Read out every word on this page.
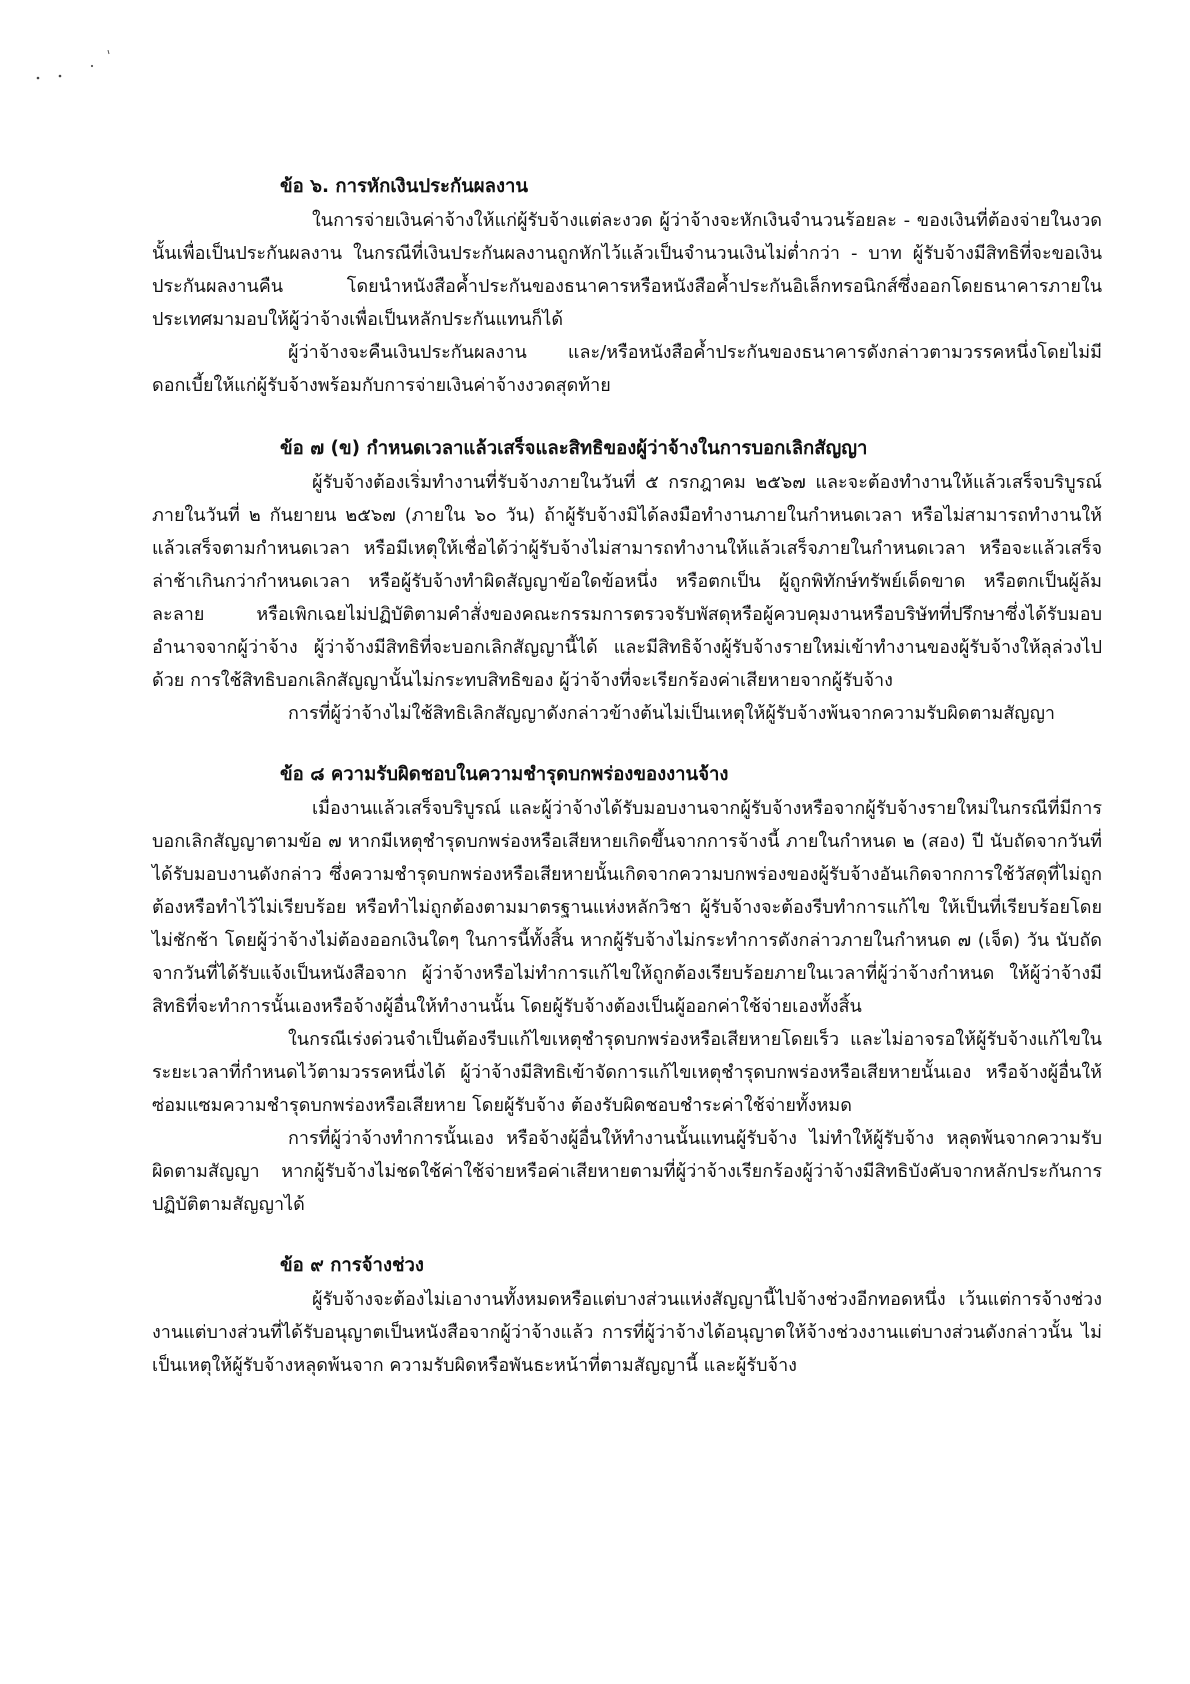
ข้อ ๖. การหักเงินประกันผลงาน

ในการจ่ายเงินค่าจ้างให้แก่ผู้รับจ้างแต่ละงวด ผู้ว่าจ้างจะหักเงินจำนวนร้อยละ - ของเงินที่ต้องจ่ายในงวดนั้นเพื่อเป็นประกันผลงาน ในกรณีที่เงินประกันผลงานถูกหักไว้แล้วเป็นจำนวนเงินไม่ต่ำกว่า - บาท ผู้รับจ้างมีสิทธิที่จะขอเงินประกันผลงานคืน โดยนำหนังสือค้ำประกันของธนาคารหรือหนังสือค้ำประกันอิเล็กทรอนิกส์ซึ่งออกโดยธนาคารภายในประเทศมามอบให้ผู้ว่าจ้างเพื่อเป็นหลักประกันแทนก็ได้

ผู้ว่าจ้างจะคืนเงินประกันผลงาน และ/หรือหนังสือค้ำประกันของธนาคารดังกล่าวตามวรรคหนึ่งโดยไม่มีดอกเบี้ยให้แก่ผู้รับจ้างพร้อมกับการจ่ายเงินค่าจ้างงวดสุดท้าย

ข้อ ๗ (ข) กำหนดเวลาแล้วเสร็จและสิทธิของผู้ว่าจ้างในการบอกเลิกสัญญา

ผู้รับจ้างต้องเริ่มทำงานที่รับจ้างภายในวันที่ ๕ กรกฎาคม ๒๕๖๗ และจะต้องทำงานให้แล้วเสร็จบริบูรณ์ภายในวันที่ ๒ กันยายน ๒๕๖๗ (ภายใน ๖๐ วัน) ถ้าผู้รับจ้างมิได้ลงมือทำงานภายในกำหนดเวลา หรือไม่สามารถทำงานให้แล้วเสร็จตามกำหนดเวลา หรือมีเหตุให้เชื่อได้ว่าผู้รับจ้างไม่สามารถทำงานให้แล้วเสร็จภายในกำหนดเวลา หรือจะแล้วเสร็จล่าช้าเกินกว่ากำหนดเวลา หรือผู้รับจ้างทำผิดสัญญาข้อใดข้อหนึ่ง หรือตกเป็น ผู้ถูกพิทักษ์ทรัพย์เด็ดขาด หรือตกเป็นผู้ล้มละลาย หรือเพิกเฉยไม่ปฏิบัติตามคำสั่งของคณะกรรมการตรวจรับพัสดุหรือผู้ควบคุมงานหรือบริษัทที่ปรึกษาซึ่งได้รับมอบอำนาจจากผู้ว่าจ้าง ผู้ว่าจ้างมีสิทธิที่จะบอกเลิกสัญญานี้ได้ และมีสิทธิจ้างผู้รับจ้างรายใหม่เข้าทำงานของผู้รับจ้างให้ลุล่วงไปด้วย การใช้สิทธิบอกเลิกสัญญานั้นไม่กระทบสิทธิของ ผู้ว่าจ้างที่จะเรียกร้องค่าเสียหายจากผู้รับจ้าง

การที่ผู้ว่าจ้างไม่ใช้สิทธิเลิกสัญญาดังกล่าวข้างต้นไม่เป็นเหตุให้ผู้รับจ้างพ้นจากความรับผิดตามสัญญา

ข้อ ๘ ความรับผิดชอบในความชำรุดบกพร่องของงานจ้าง

เมื่องานแล้วเสร็จบริบูรณ์ และผู้ว่าจ้างได้รับมอบงานจากผู้รับจ้างหรือจากผู้รับจ้างรายใหม่ในกรณีที่มีการบอกเลิกสัญญาตามข้อ ๗ หากมีเหตุชำรุดบกพร่องหรือเสียหายเกิดขึ้นจากการจ้างนี้ ภายในกำหนด ๒ (สอง) ปี นับถัดจากวันที่ได้รับมอบงานดังกล่าว ซึ่งความชำรุดบกพร่องหรือเสียหายนั้นเกิดจากความบกพร่องของผู้รับจ้างอันเกิดจากการใช้วัสดุที่ไม่ถูกต้องหรือทำไว้ไม่เรียบร้อย หรือทำไม่ถูกต้องตามมาตรฐานแห่งหลักวิชา ผู้รับจ้างจะต้องรีบทำการแก้ไข ให้เป็นที่เรียบร้อยโดยไม่ชักช้า โดยผู้ว่าจ้างไม่ต้องออกเงินใดๆ ในการนี้ทั้งสิ้น หากผู้รับจ้างไม่กระทำการดังกล่าวภายในกำหนด ๗ (เจ็ด) วัน นับถัดจากวันที่ได้รับแจ้งเป็นหนังสือจาก ผู้ว่าจ้างหรือไม่ทำการแก้ไขให้ถูกต้องเรียบร้อยภายในเวลาที่ผู้ว่าจ้างกำหนด ให้ผู้ว่าจ้างมีสิทธิที่จะทำการนั้นเองหรือจ้างผู้อื่นให้ทำงานนั้น โดยผู้รับจ้างต้องเป็นผู้ออกค่าใช้จ่ายเองทั้งสิ้น

ในกรณีเร่งด่วนจำเป็นต้องรีบแก้ไขเหตุชำรุดบกพร่องหรือเสียหายโดยเร็ว และไม่อาจรอให้ผู้รับจ้างแก้ไขในระยะเวลาที่กำหนดไว้ตามวรรคหนึ่งได้ ผู้ว่าจ้างมีสิทธิเข้าจัดการแก้ไขเหตุชำรุดบกพร่องหรือเสียหายนั้นเอง หรือจ้างผู้อื่นให้ซ่อมแซมความชำรุดบกพร่องหรือเสียหาย โดยผู้รับจ้าง ต้องรับผิดชอบชำระค่าใช้จ่ายทั้งหมด

การที่ผู้ว่าจ้างทำการนั้นเอง หรือจ้างผู้อื่นให้ทำงานนั้นแทนผู้รับจ้าง ไม่ทำให้ผู้รับจ้าง หลุดพ้นจากความรับผิดตามสัญญา หากผู้รับจ้างไม่ชดใช้ค่าใช้จ่ายหรือค่าเสียหายตามที่ผู้ว่าจ้างเรียกร้องผู้ว่าจ้างมีสิทธิบังคับจากหลักประกันการปฏิบัติตามสัญญาได้

ข้อ ๙ การจ้างช่วง

ผู้รับจ้างจะต้องไม่เอางานทั้งหมดหรือแต่บางส่วนแห่งสัญญานี้ไปจ้างช่วงอีกทอดหนึ่ง เว้นแต่การจ้างช่วงงานแต่บางส่วนที่ได้รับอนุญาตเป็นหนังสือจากผู้ว่าจ้างแล้ว การที่ผู้ว่าจ้างได้อนุญาตให้จ้างช่วงงานแต่บางส่วนดังกล่าวนั้น ไม่เป็นเหตุให้ผู้รับจ้างหลุดพ้นจาก ความรับผิดหรือพันธะหน้าที่ตามสัญญานี้ และผู้รับจ้าง
